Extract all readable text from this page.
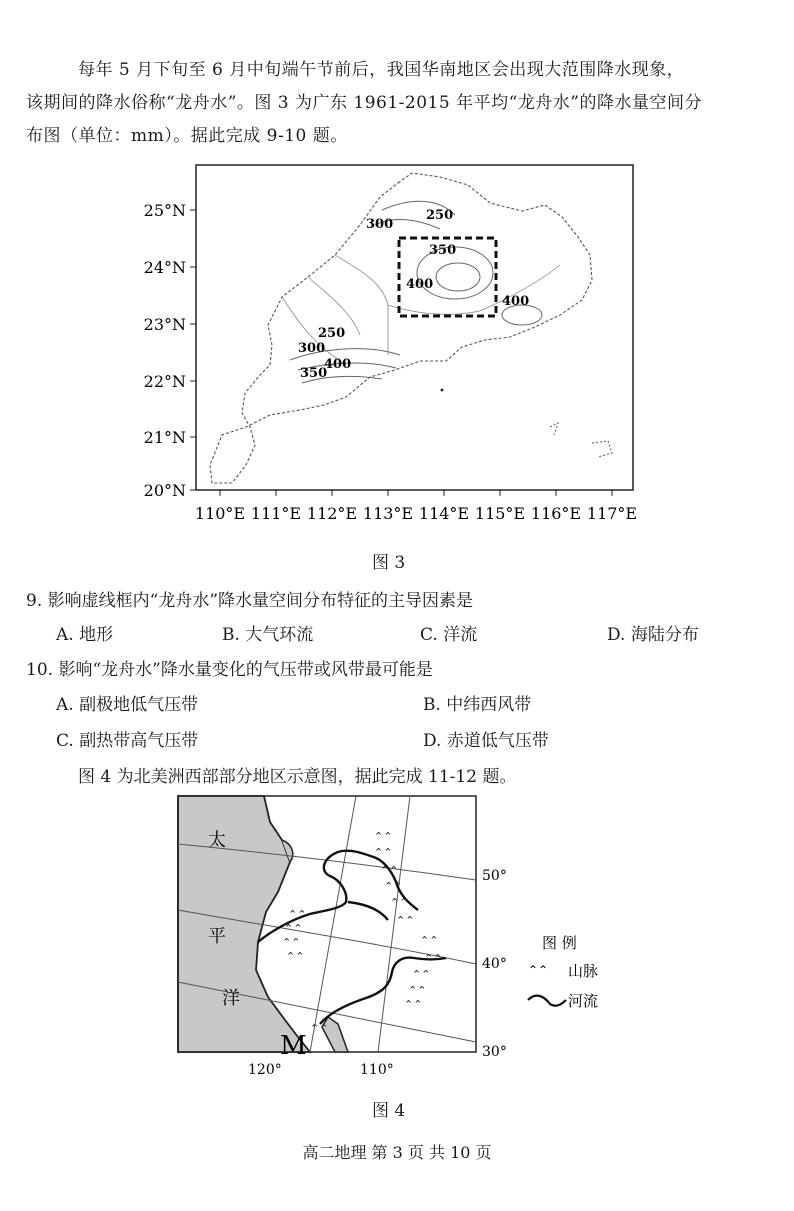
每年 5 月下旬至 6 月中旬端午节前后，我国华南地区会出现大范围降水现象，
该期间的降水俗称“龙舟水”。图 3 为广东 1961-2015 年平均“龙舟水”的降水量空间分
布图（单位：mm）。据此完成 9-10 题。
25°N
24°N
23°N
22°N
21°N
20°N
110°E 111°E 112°E 113°E 114°E 115°E 116°E 117°E
250
300
350
400
400
250
300
350
400
图 3
9. 影响虚线框内“龙舟水”降水量空间分布特征的主导因素是
A. 地形	B. 大气环流	C. 洋流	D. 海陆分布
10. 影响“龙舟水”降水量变化的气压带或风带最可能是
A. 副极地低气压带	B. 中纬西风带
C. 副热带高气压带	D. 赤道低气压带
图 4 为北美洲西部部分地区示意图，据此完成 11-12 题。
⌃⌃
⌃⌃
⌃⌃
⌃⌃
⌃⌃
⌃⌃
⌃⌃
⌃⌃
⌃⌃
⌃⌃
⌃⌃
⌃⌃
⌃⌃
⌃⌃
⌃⌃
⌃⌃
太
平
洋
M
50°
40°
30°
120°	110°
图 例
⌃⌃ 山脉
河流
图 4
高二地理 第 3 页 共 10 页
